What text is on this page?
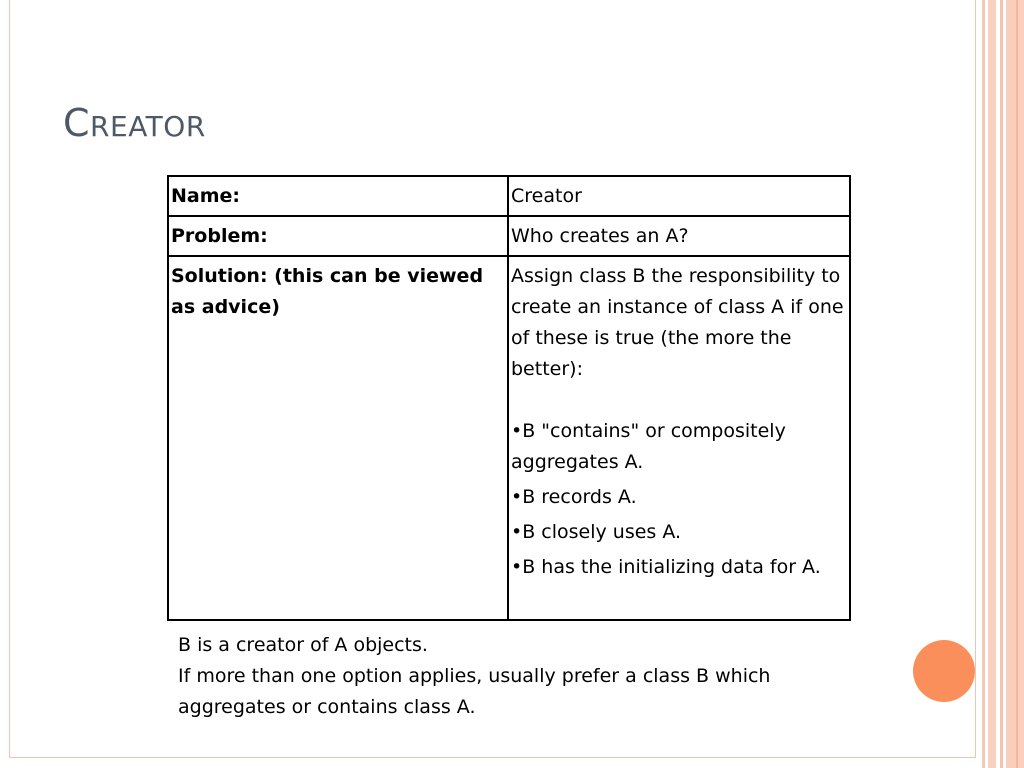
CREATOR
Name:	Creator
Problem:	Who creates an A?
Solution: (this can be viewed as advice)	Assign class B the responsibility to create an instance of class A if one of these is true (the more the better):
•B "contains" or compositely aggregates A.
•B records A.
•B closely uses A.
•B has the initializing data for A.
B is a creator of A objects.
If more than one option applies, usually prefer a class B which
aggregates or contains class A.
